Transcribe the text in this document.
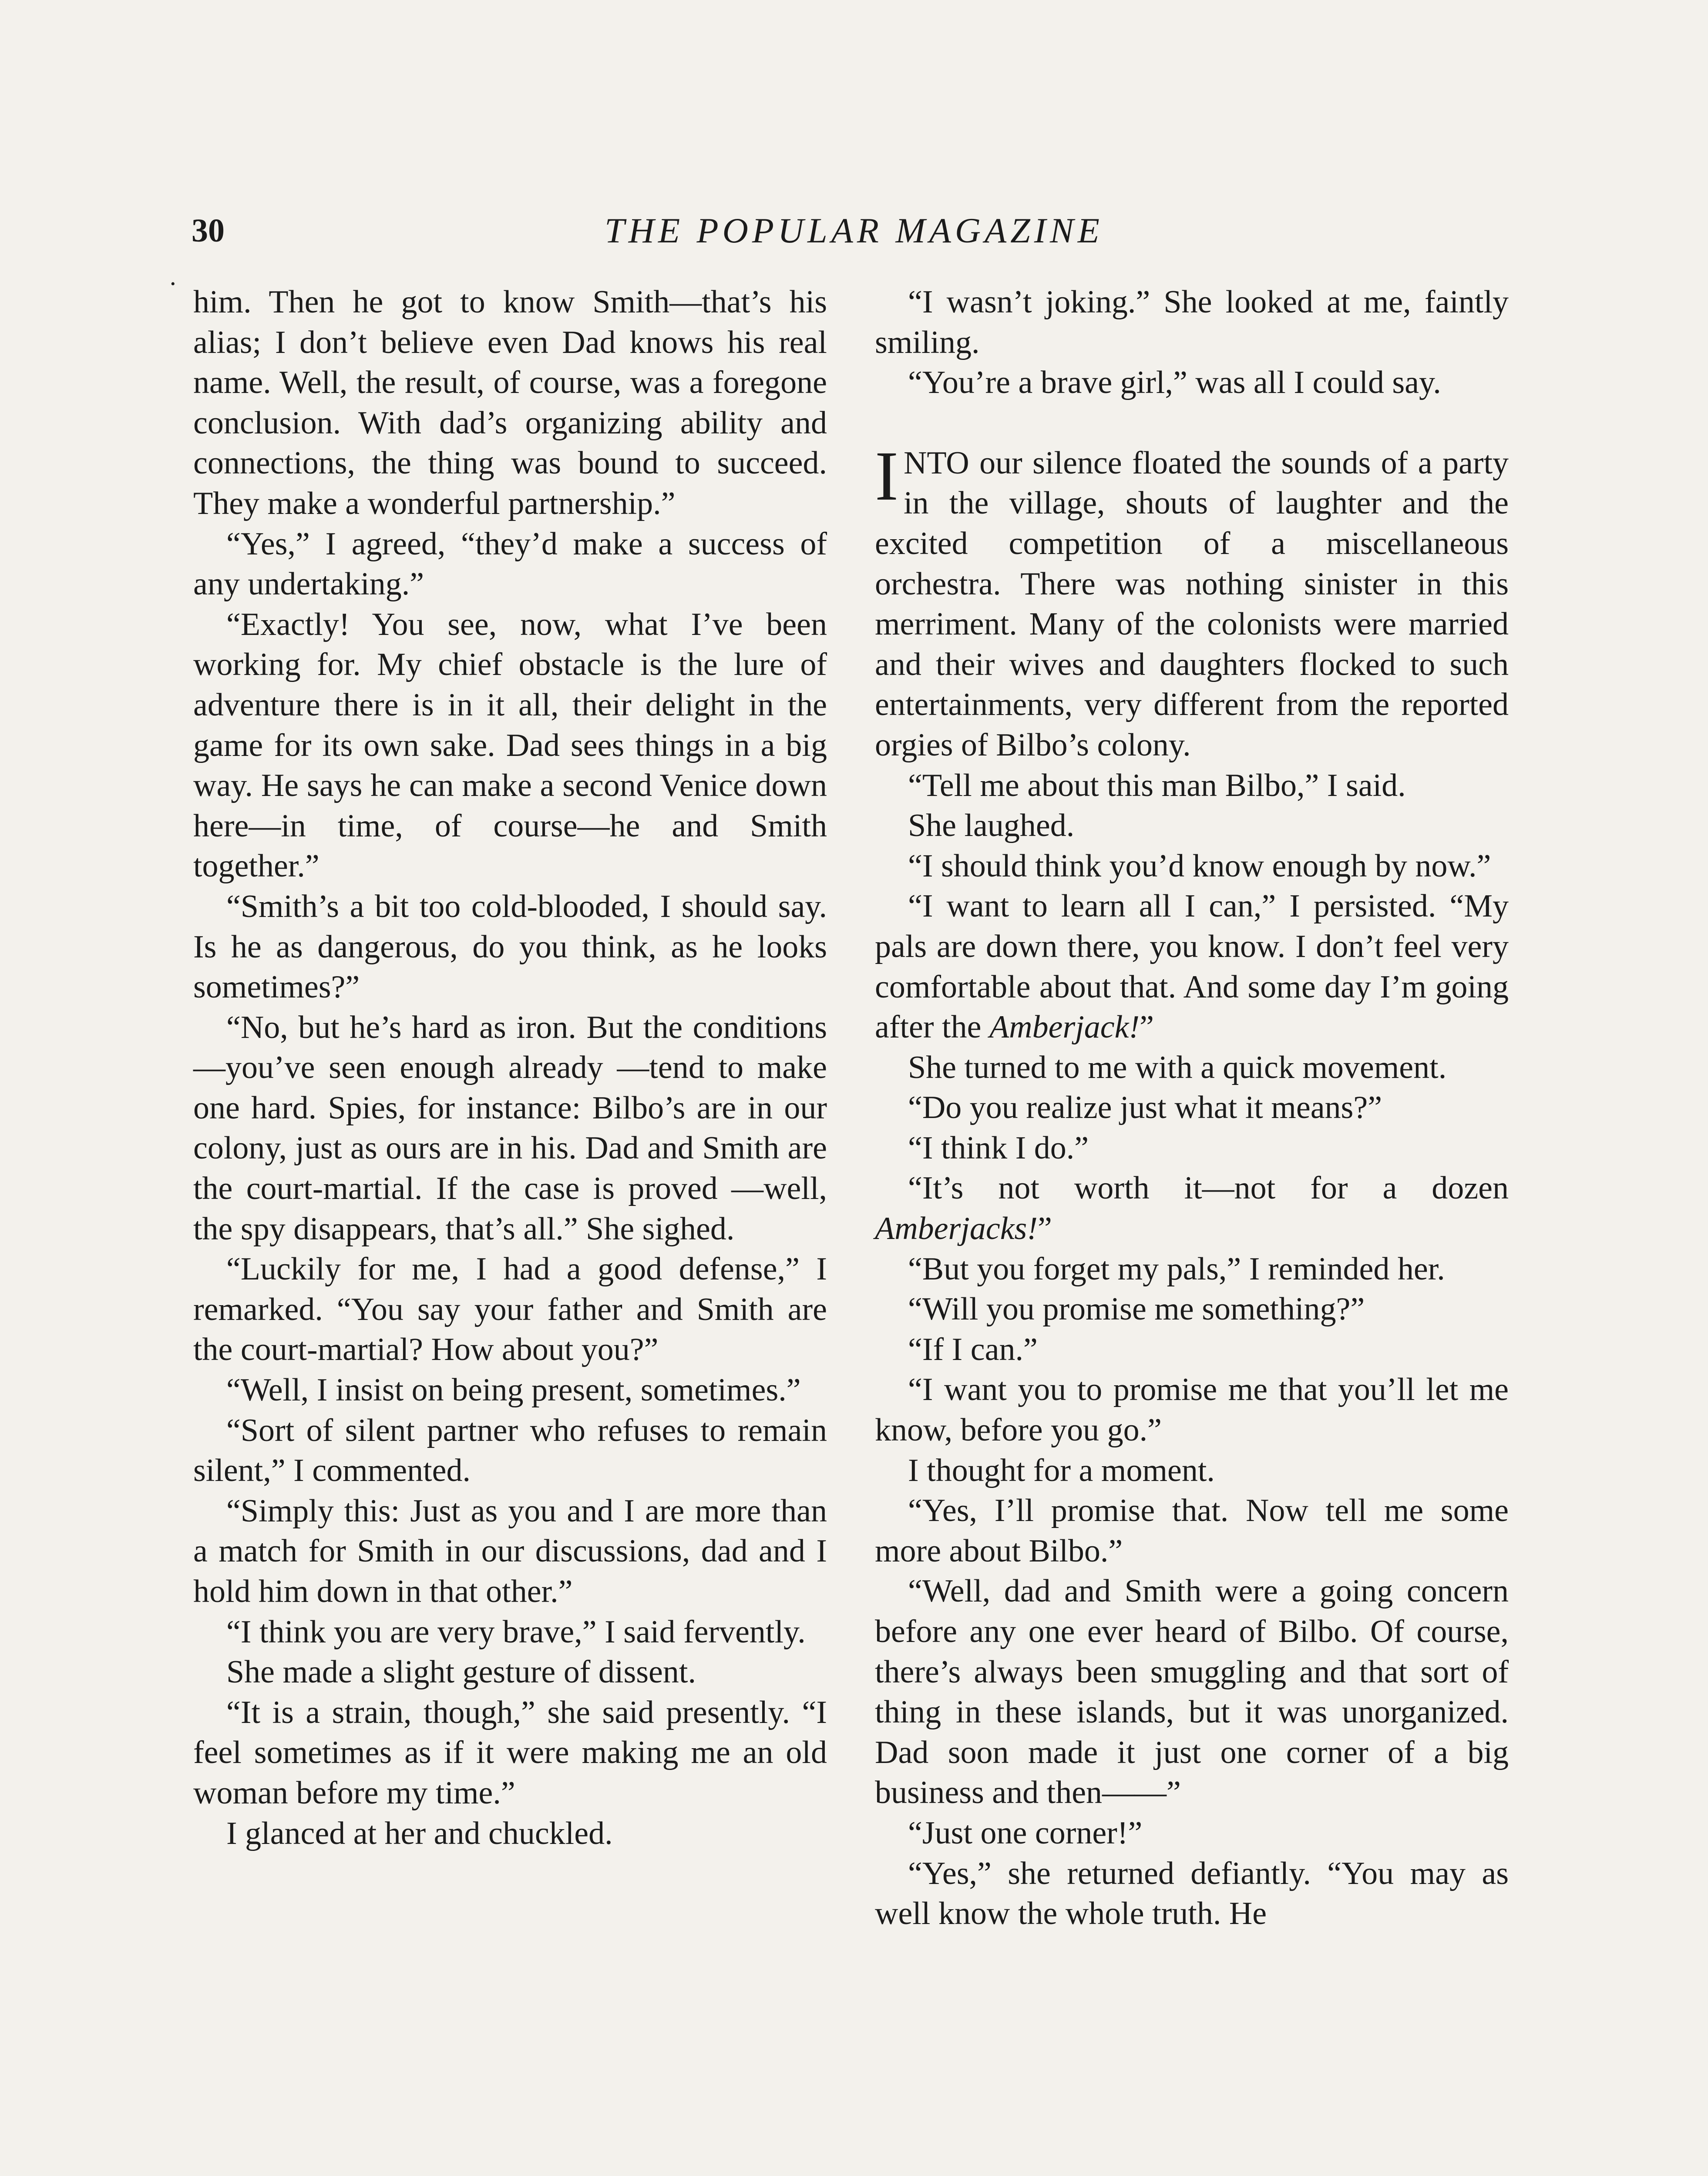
30	THE POPULAR MAGAZINE
•

him. Then he got to know Smith—that’s his alias; I don’t believe even Dad knows his real name. Well, the result, of course, was a foregone conclusion. With dad’s organizing ability and connections, the thing was bound to succeed. They make a wonderful partnership.”

“Yes,” I agreed, “they’d make a success of any undertaking.”

“Exactly! You see, now, what I’ve been working for. My chief obstacle is the lure of adventure there is in it all, their delight in the game for its own sake. Dad sees things in a big way. He says he can make a second Venice down here—in time, of course—he and Smith together.”

“Smith’s a bit too cold-blooded, I should say. Is he as dangerous, do you think, as he looks sometimes?”

“No, but he’s hard as iron. But the conditions—you’ve seen enough already —tend to make one hard. Spies, for instance: Bilbo’s are in our colony, just as ours are in his. Dad and Smith are the court-martial. If the case is proved —well, the spy disappears, that’s all.” She sighed.

“Luckily for me, I had a good defense,” I remarked. “You say your father and Smith are the court-martial? How about you?”

“Well, I insist on being present, sometimes.”

“Sort of silent partner who refuses to remain silent,” I commented.

“Simply this: Just as you and I are more than a match for Smith in our discussions, dad and I hold him down in that other.”

“I think you are very brave,” I said fervently.

She made a slight gesture of dissent.

“It is a strain, though,” she said presently. “I feel sometimes as if it were making me an old woman before my time.”

I glanced at her and chuckled.

“I wasn’t joking.” She looked at me, faintly smiling.

“You’re a brave girl,” was all I could say.

INTO our silence floated the sounds of a party in the village, shouts of laughter and the excited competition of a miscellaneous orchestra. There was nothing sinister in this merriment. Many of the colonists were married and their wives and daughters flocked to such entertainments, very different from the reported orgies of Bilbo’s colony.

“Tell me about this man Bilbo,” I said.

She laughed.

“I should think you’d know enough by now.”

“I want to learn all I can,” I persisted. “My pals are down there, you know. I don’t feel very comfortable about that. And some day I’m going after the Amberjack!”

She turned to me with a quick movement.

“Do you realize just what it means?”

“I think I do.”

“It’s not worth it—not for a dozen Amberjacks!”

“But you forget my pals,” I reminded her.

“Will you promise me something?”

“If I can.”

“I want you to promise me that you’ll let me know, before you go.”

I thought for a moment.

“Yes, I’ll promise that. Now tell me some more about Bilbo.”

“Well, dad and Smith were a going concern before any one ever heard of Bilbo. Of course, there’s always been smuggling and that sort of thing in these islands, but it was unorganized. Dad soon made it just one corner of a big business and then——”

“Just one corner!”

“Yes,” she returned defiantly. “You may as well know the whole truth. He
